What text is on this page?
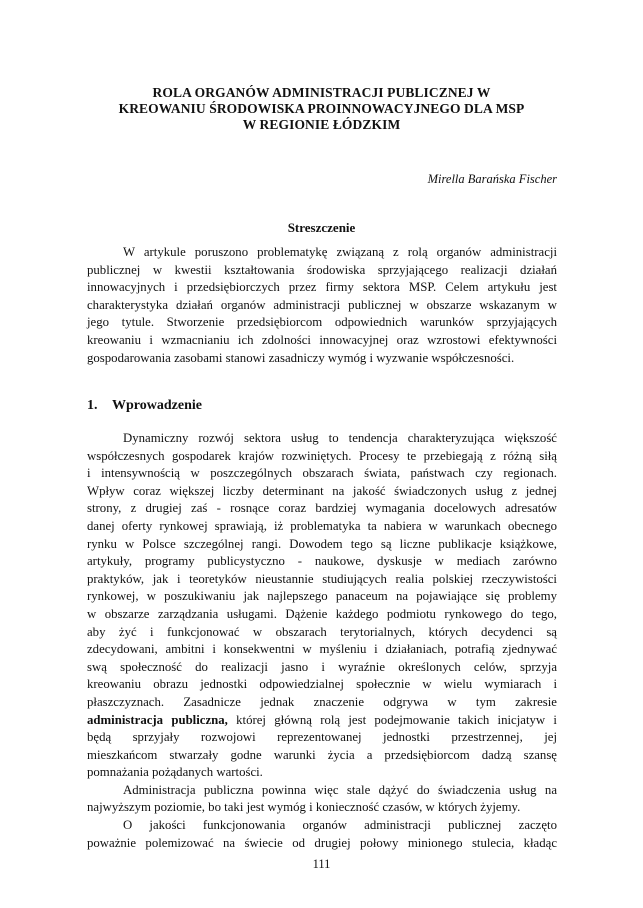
ROLA ORGANÓW ADMINISTRACJI PUBLICZNEJ W
KREOWANIU ŚRODOWISKA PROINNOWACYJNEGO DLA MSP
W REGIONIE ŁÓDZKIM
Mirella Barańska Fischer
Streszczenie
W artykule poruszono problematykę związaną z rolą organów administracji
publicznej w kwestii kształtowania środowiska sprzyjającego realizacji działań
innowacyjnych i przedsiębiorczych przez firmy sektora MSP. Celem artykułu jest
charakterystyka działań organów administracji publicznej w obszarze wskazanym w
jego tytule. Stworzenie przedsiębiorcom odpowiednich warunków sprzyjających
kreowaniu i wzmacnianiu ich zdolności innowacyjnej oraz wzrostowi efektywności
gospodarowania zasobami stanowi zasadniczy wymóg i wyzwanie współczesności.
1. Wprowadzenie
Dynamiczny rozwój sektora usług to tendencja charakteryzująca większość
współczesnych gospodarek krajów rozwiniętych. Procesy te przebiegają z różną siłą
i intensywnością w poszczególnych obszarach świata, państwach czy regionach.
Wpływ coraz większej liczby determinant na jakość świadczonych usług z jednej
strony, z drugiej zaś - rosnące coraz bardziej wymagania docelowych adresatów
danej oferty rynkowej sprawiają, iż problematyka ta nabiera w warunkach obecnego
rynku w Polsce szczególnej rangi. Dowodem tego są liczne publikacje książkowe,
artykuły, programy publicystyczno - naukowe, dyskusje w mediach zarówno
praktyków, jak i teoretyków nieustannie studiujących realia polskiej rzeczywistości
rynkowej, w poszukiwaniu jak najlepszego panaceum na pojawiające się problemy
w obszarze zarządzania usługami. Dążenie każdego podmiotu rynkowego do tego,
aby żyć i funkcjonować w obszarach terytorialnych, których decydenci są
zdecydowani, ambitni i konsekwentni w myśleniu i działaniach, potrafią zjednywać
swą społeczność do realizacji jasno i wyraźnie określonych celów, sprzyja
kreowaniu obrazu jednostki odpowiedzialnej społecznie w wielu wymiarach i
płaszczyznach. Zasadnicze jednak znaczenie odgrywa w tym zakresie
administracja publiczna, której główną rolą jest podejmowanie takich inicjatyw i
będą sprzyjały rozwojowi reprezentowanej jednostki przestrzennej, jej
mieszkańcom stwarzały godne warunki życia a przedsiębiorcom dadzą szansę
pomnażania pożądanych wartości.
Administracja publiczna powinna więc stale dążyć do świadczenia usług na
najwyższym poziomie, bo taki jest wymóg i konieczność czasów, w których żyjemy.
O jakości funkcjonowania organów administracji publicznej zaczęto
poważnie polemizować na świecie od drugiej połowy minionego stulecia, kładąc
111
